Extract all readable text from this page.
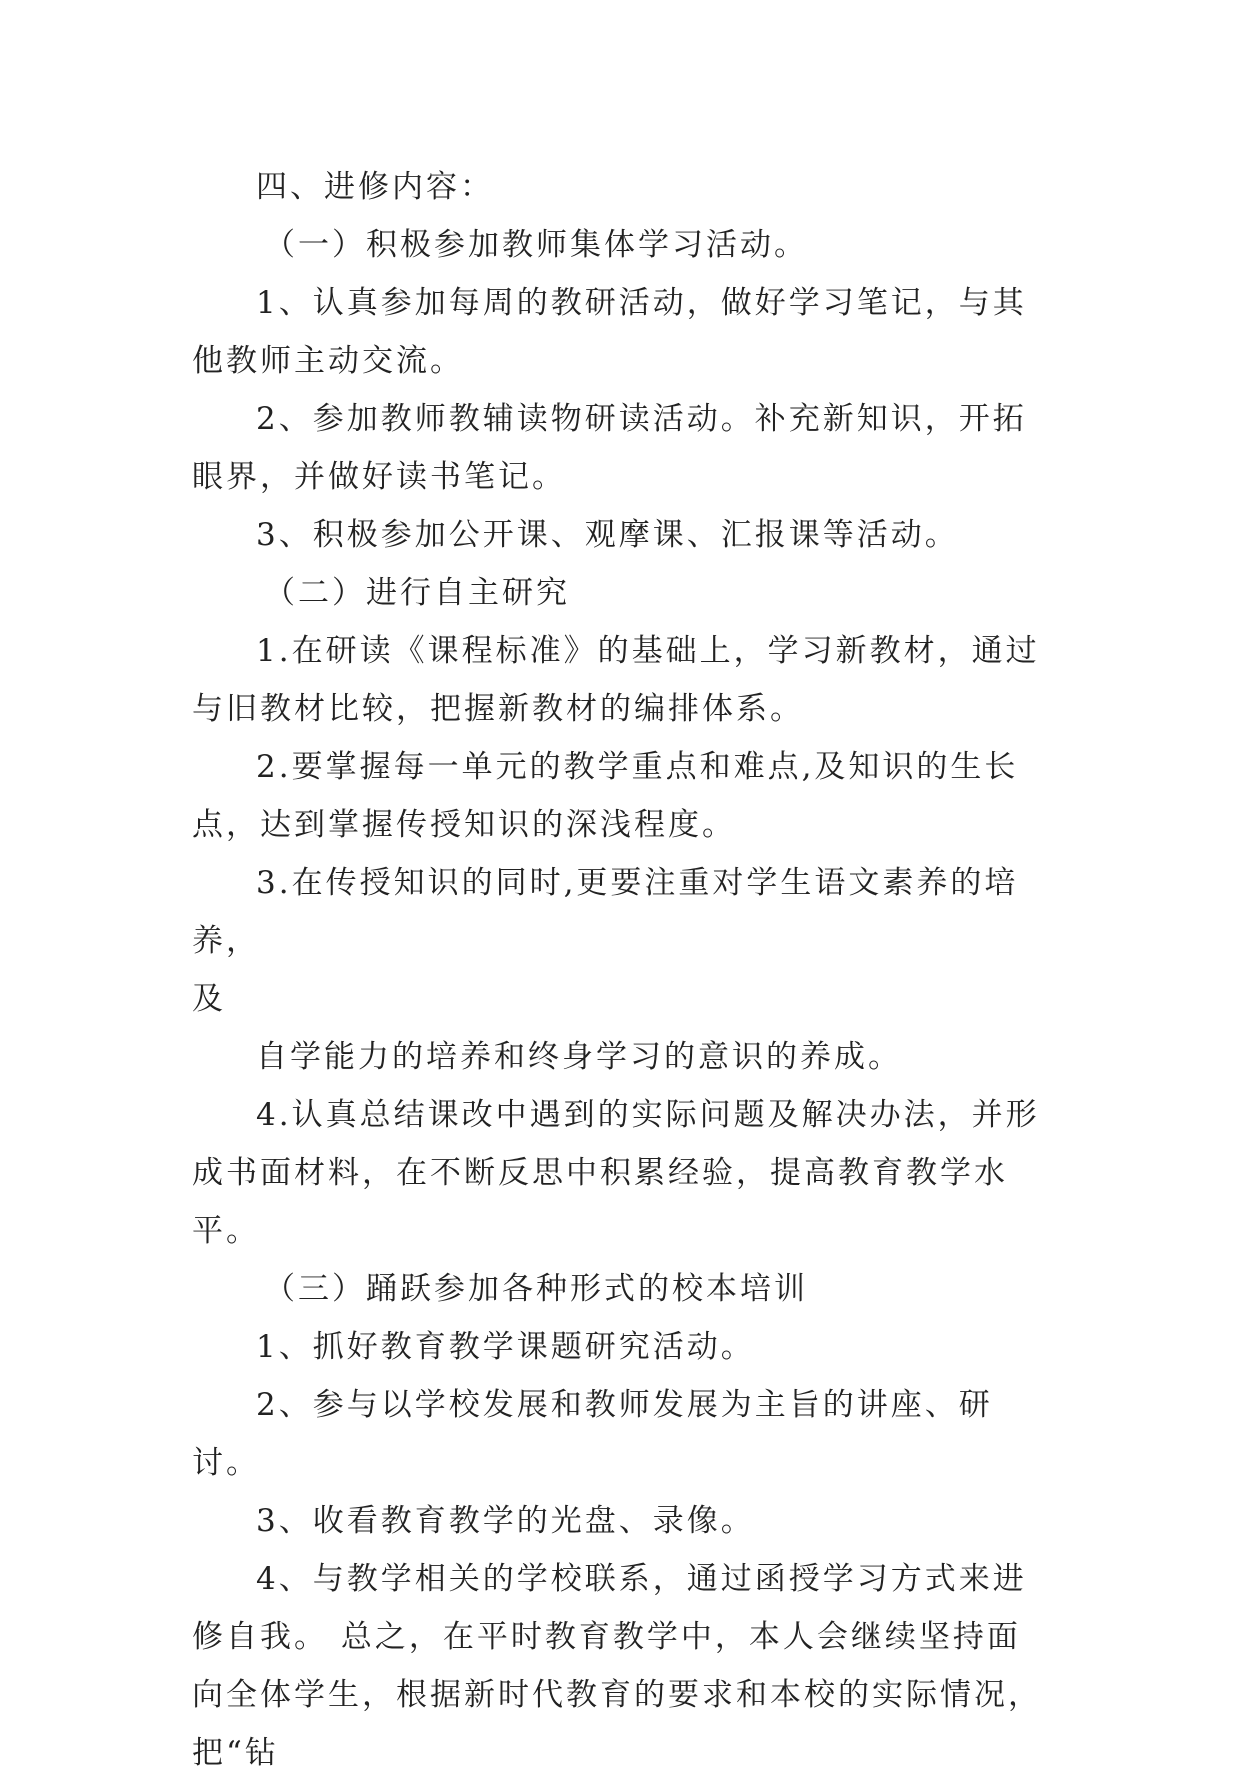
四、进修内容：

（一）积极参加教师集体学习活动。

1、认真参加每周的教研活动，做好学习笔记，与其他教师主动交流。

2、参加教师教辅读物研读活动。补充新知识，开拓眼界，并做好读书笔记。

3、积极参加公开课、观摩课、汇报课等活动。

（二）进行自主研究

1.在研读《课程标准》的基础上，学习新教材，通过与旧教材比较，把握新教材的编排体系。

2.要掌握每一单元的教学重点和难点,及知识的生长点，达到掌握传授知识的深浅程度。

3.在传授知识的同时,更要注重对学生语文素养的培养，

及

自学能力的培养和终身学习的意识的养成。

4.认真总结课改中遇到的实际问题及解决办法，并形成书面材料，在不断反思中积累经验，提高教育教学水平。

（三）踊跃参加各种形式的校本培训

1、抓好教育教学课题研究活动。

2、参与以学校发展和教师发展为主旨的讲座、研讨。

3、收看教育教学的光盘、录像。

4、与教学相关的学校联系，通过函授学习方式来进修自我。 总之，在平时教育教学中，本人会继续坚持面向全体学生，根据新时代教育的要求和本校的实际情况，把“钻
